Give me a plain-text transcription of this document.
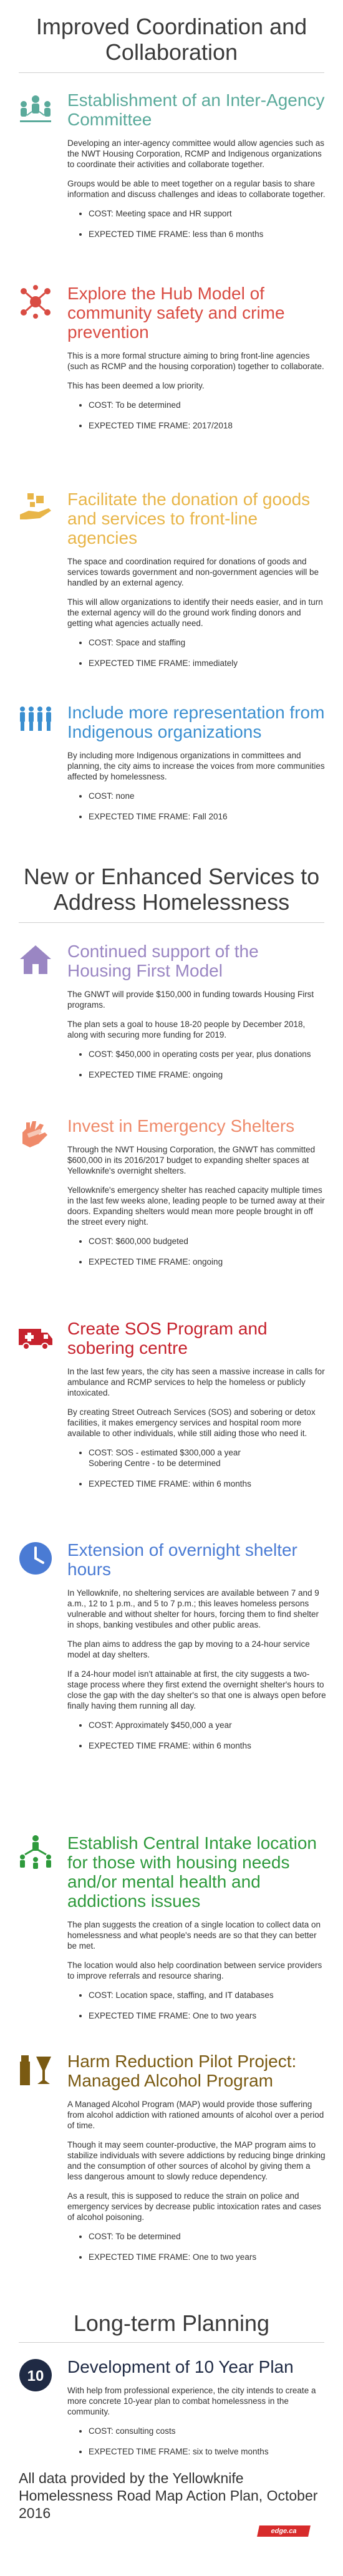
Improved Coordination and Collaboration
Establishment of an Inter-Agency Committee

Developing an inter-agency committee would allow agencies such as the NWT Housing Corporation, RCMP and Indigenous organizations to coordinate their activities and collaborate together.

Groups would be able to meet together on a regular basis to share information and discuss challenges and ideas to collaborate together.

• COST: Meeting space and HR support
• EXPECTED TIME FRAME: less than 6 months
Explore the Hub Model of community safety and crime prevention

This is a more formal structure aiming to bring front-line agencies (such as RCMP and the housing corporation) together to collaborate.

This has been deemed a low priority.

• COST: To be determined
• EXPECTED TIME FRAME: 2017/2018
Facilitate the donation of goods and services to front-line agencies

The space and coordination required for donations of goods and services towards government and non-government agencies will be handled by an external agency.

This will allow organizations to identify their needs easier, and in turn the external agency will do the ground work finding donors and getting what agencies actually need.

• COST: Space and staffing
• EXPECTED TIME FRAME: immediately
Include more representation from Indigenous organizations

By including more Indigenous organizations in committees and planning, the city aims to increase the voices from more communities affected by homelessness.

• COST: none
• EXPECTED TIME FRAME: Fall 2016
New or Enhanced Services to Address Homelessness
Continued support of the Housing First Model

The GNWT will provide $150,000 in funding towards Housing First programs.

The plan sets a goal to house 18-20 people by December 2018, along with securing more funding for 2019.

• COST: $450,000 in operating costs per year, plus donations
• EXPECTED TIME FRAME: ongoing
Invest in Emergency Shelters

Through the NWT Housing Corporation, the GNWT has committed $600,000 in its 2016/2017 budget to expanding shelter spaces at Yellowknife's overnight shelters.

Yellowknife's emergency shelter has reached capacity multiple times in the last few weeks alone, leading people to be turned away at their doors. Expanding shelters would mean more people brought in off the street every night.

• COST: $600,000 budgeted
• EXPECTED TIME FRAME: ongoing
Create SOS Program and sobering centre

In the last few years, the city has seen a massive increase in calls for ambulance and RCMP services to help the homeless or publicly intoxicated.

By creating Street Outreach Services (SOS) and sobering or detox facilities, it makes emergency services and hospital room more available to other individuals, while still aiding those who need it.

• COST: SOS - estimated $300,000 a year
Sobering Centre - to be determined
• EXPECTED TIME FRAME: within 6 months
Extension of overnight shelter hours

In Yellowknife, no sheltering services are available between 7 and 9 a.m., 12 to 1 p.m., and 5 to 7 p.m.; this leaves homeless persons vulnerable and without shelter for hours, forcing them to find shelter in shops, banking vestibules and other public areas.

The plan aims to address the gap by moving to a 24-hour service model at day shelters.

If a 24-hour model isn't attainable at first, the city suggests a two-stage process where they first extend the overnight shelter's hours to close the gap with the day shelter's so that one is always open before finally having them running all day.

• COST: Approximately $450,000 a year
• EXPECTED TIME FRAME: within 6 months
Establish Central Intake location for those with housing needs and/or mental health and addictions issues

The plan suggests the creation of a single location to collect data on homelessness and what people's needs are so that they can better be met.

The location would also help coordination between service providers to improve referrals and resource sharing.

• COST: Location space, staffing, and IT databases
• EXPECTED TIME FRAME: One to two years
Harm Reduction Pilot Project: Managed Alcohol Program

A Managed Alcohol Program (MAP) would provide those suffering from alcohol addiction with rationed amounts of alcohol over a period of time.

Though it may seem counter-productive, the MAP program aims to stabilize individuals with severe addictions by reducing binge drinking and the consumption of other sources of alcohol by giving them a less dangerous amount to slowly reduce dependency.

As a result, this is supposed to reduce the strain on police and emergency services by decrease public intoxication rates and cases of alcohol poisoning.

• COST: To be determined
• EXPECTED TIME FRAME: One to two years
Long-term Planning
10 Development of 10 Year Plan

With help from professional experience, the city intends to create a more concrete 10-year plan to combat homelessness in the community.

• COST: consulting costs
• EXPECTED TIME FRAME: six to twelve months
All data provided by the Yellowknife Homelessness Road Map Action Plan, October 2016
edge.ca
